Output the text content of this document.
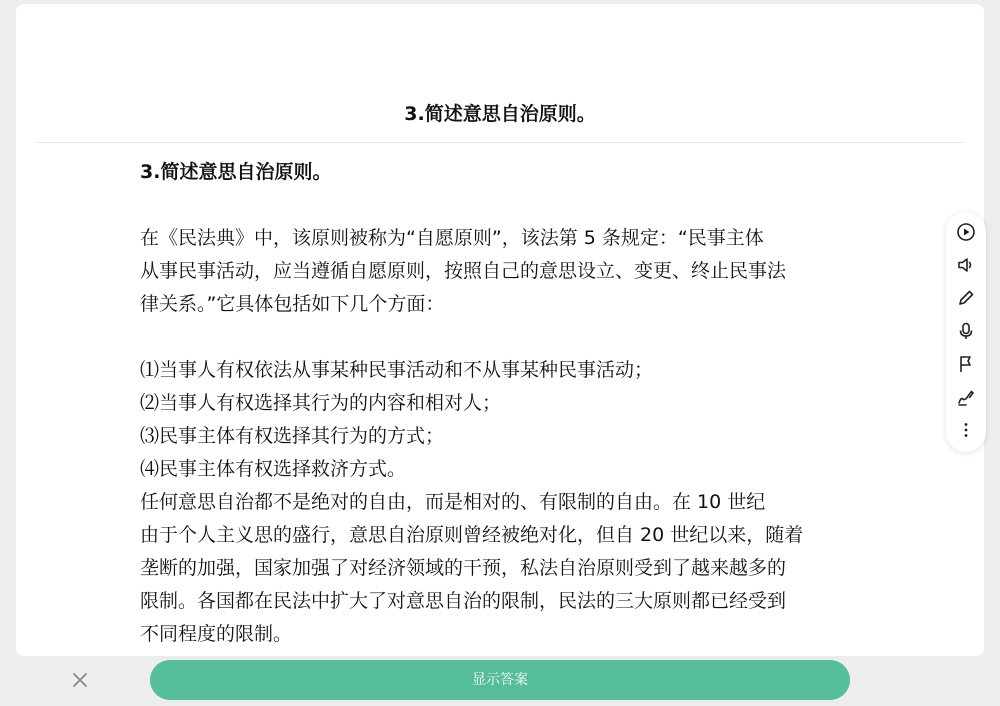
3.简述意思自治原则。

3.简述意思自治原则。

在《民法典》中，该原则被称为“自愿原则”，该法第 5 条规定：“民事主体

从事民事活动，应当遵循自愿原则，按照自己的意思设立、变更、终止民事法

律关系。”它具体包括如下几个方面：

⑴当事人有权依法从事某种民事活动和不从事某种民事活动；

⑵当事人有权选择其行为的内容和相对人；

⑶民事主体有权选择其行为的方式；

⑷民事主体有权选择救济方式。

任何意思自治都不是绝对的自由，而是相对的、有限制的自由。在 10 世纪

由于个人主义思的盛行，意思自治原则曾经被绝对化，但自 20 世纪以来，随着

垄断的加强，国家加强了对经济领域的干预，私法自治原则受到了越来越多的

限制。各国都在民法中扩大了对意思自治的限制，民法的三大原则都已经受到

不同程度的限制。

显示答案
